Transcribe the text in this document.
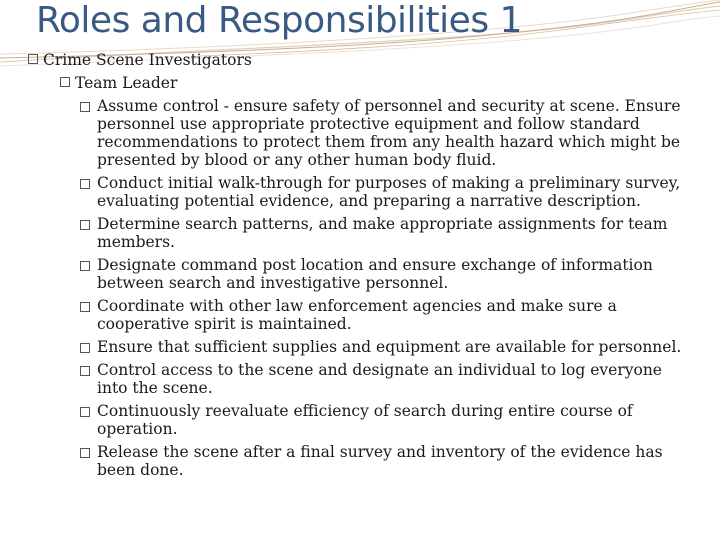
Roles and Responsibilities 1
Crime Scene Investigators
Team Leader
Assume control - ensure safety of personnel and security at scene. Ensure personnel use appropriate protective equipment and follow standard recommendations to protect them from any health hazard which might be presented by blood or any other human body fluid.
Conduct initial walk-through for purposes of making a preliminary survey, evaluating potential evidence, and preparing a narrative description.
Determine search patterns, and make appropriate assignments for team members.
Designate command post location and ensure exchange of information between search and investigative personnel.
Coordinate with other law enforcement agencies and make sure a cooperative spirit is maintained.
Ensure that sufficient supplies and equipment are available for personnel.
Control access to the scene and designate an individual to log everyone into the scene.
Continuously reevaluate efficiency of search during entire course of operation.
Release the scene after a final survey and inventory of the evidence has been done.
